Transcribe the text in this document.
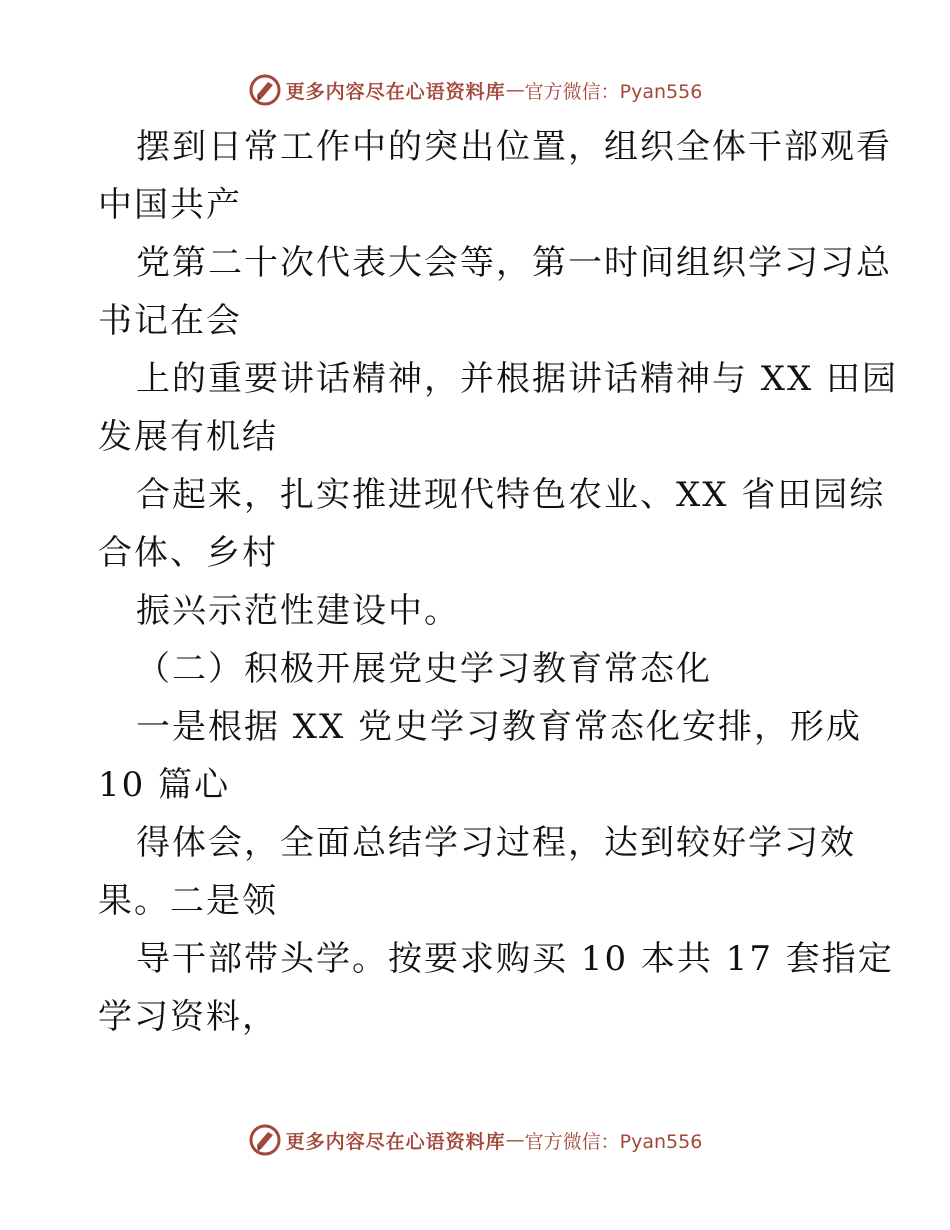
更多内容尽在心语资料库 — 官方微信：Pyan556
摆到日常工作中的突出位置，组织全体干部观看
中国共产
党第二十次代表大会等，第一时间组织学习习总
书记在会
上的重要讲话精神，并根据讲话精神与 XX 田园
发展有机结
合起来，扎实推进现代特色农业、XX 省田园综
合体、乡村
振兴示范性建设中。
（二）积极开展党史学习教育常态化
一是根据 XX 党史学习教育常态化安排，形成
10 篇心
得体会，全面总结学习过程，达到较好学习效
果。二是领
导干部带头学。按要求购买 10 本共 17 套指定
学习资料，
更多内容尽在心语资料库 — 官方微信：Pyan556
